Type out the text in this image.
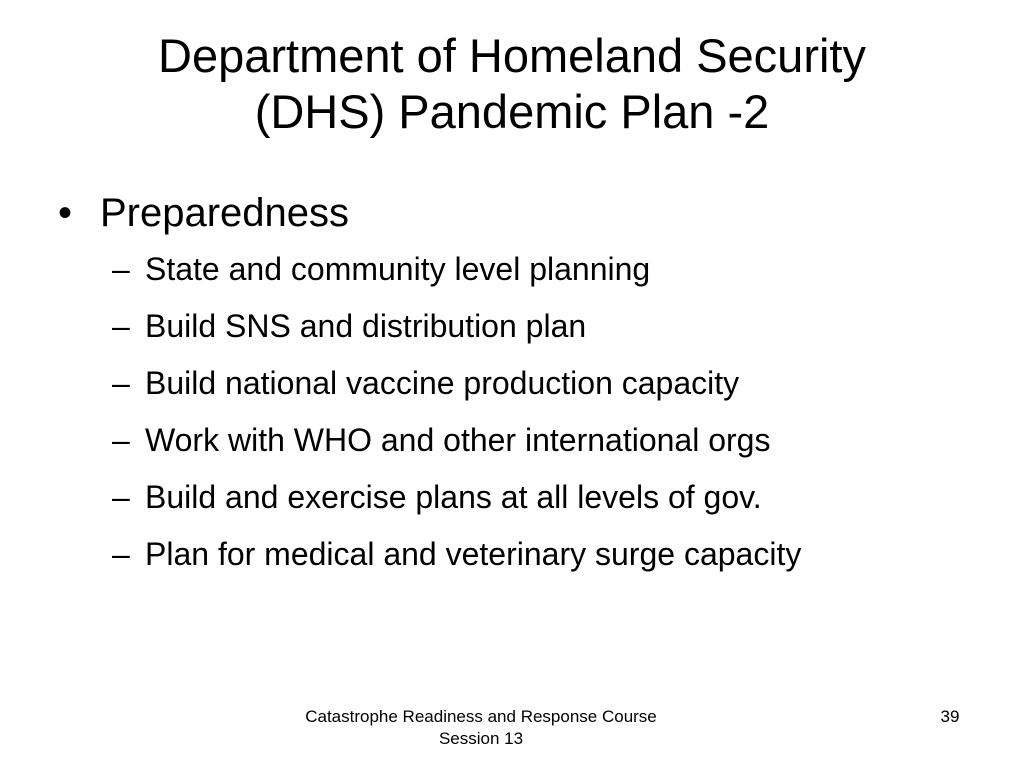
Department of Homeland Security
(DHS) Pandemic Plan -2
• Preparedness
– State and community level planning
– Build SNS and distribution plan
– Build national vaccine production capacity
– Work with WHO and other international orgs
– Build and exercise plans at all levels of gov.
– Plan for medical and veterinary surge capacity
Catastrophe Readiness and Response Course
Session 13
39
